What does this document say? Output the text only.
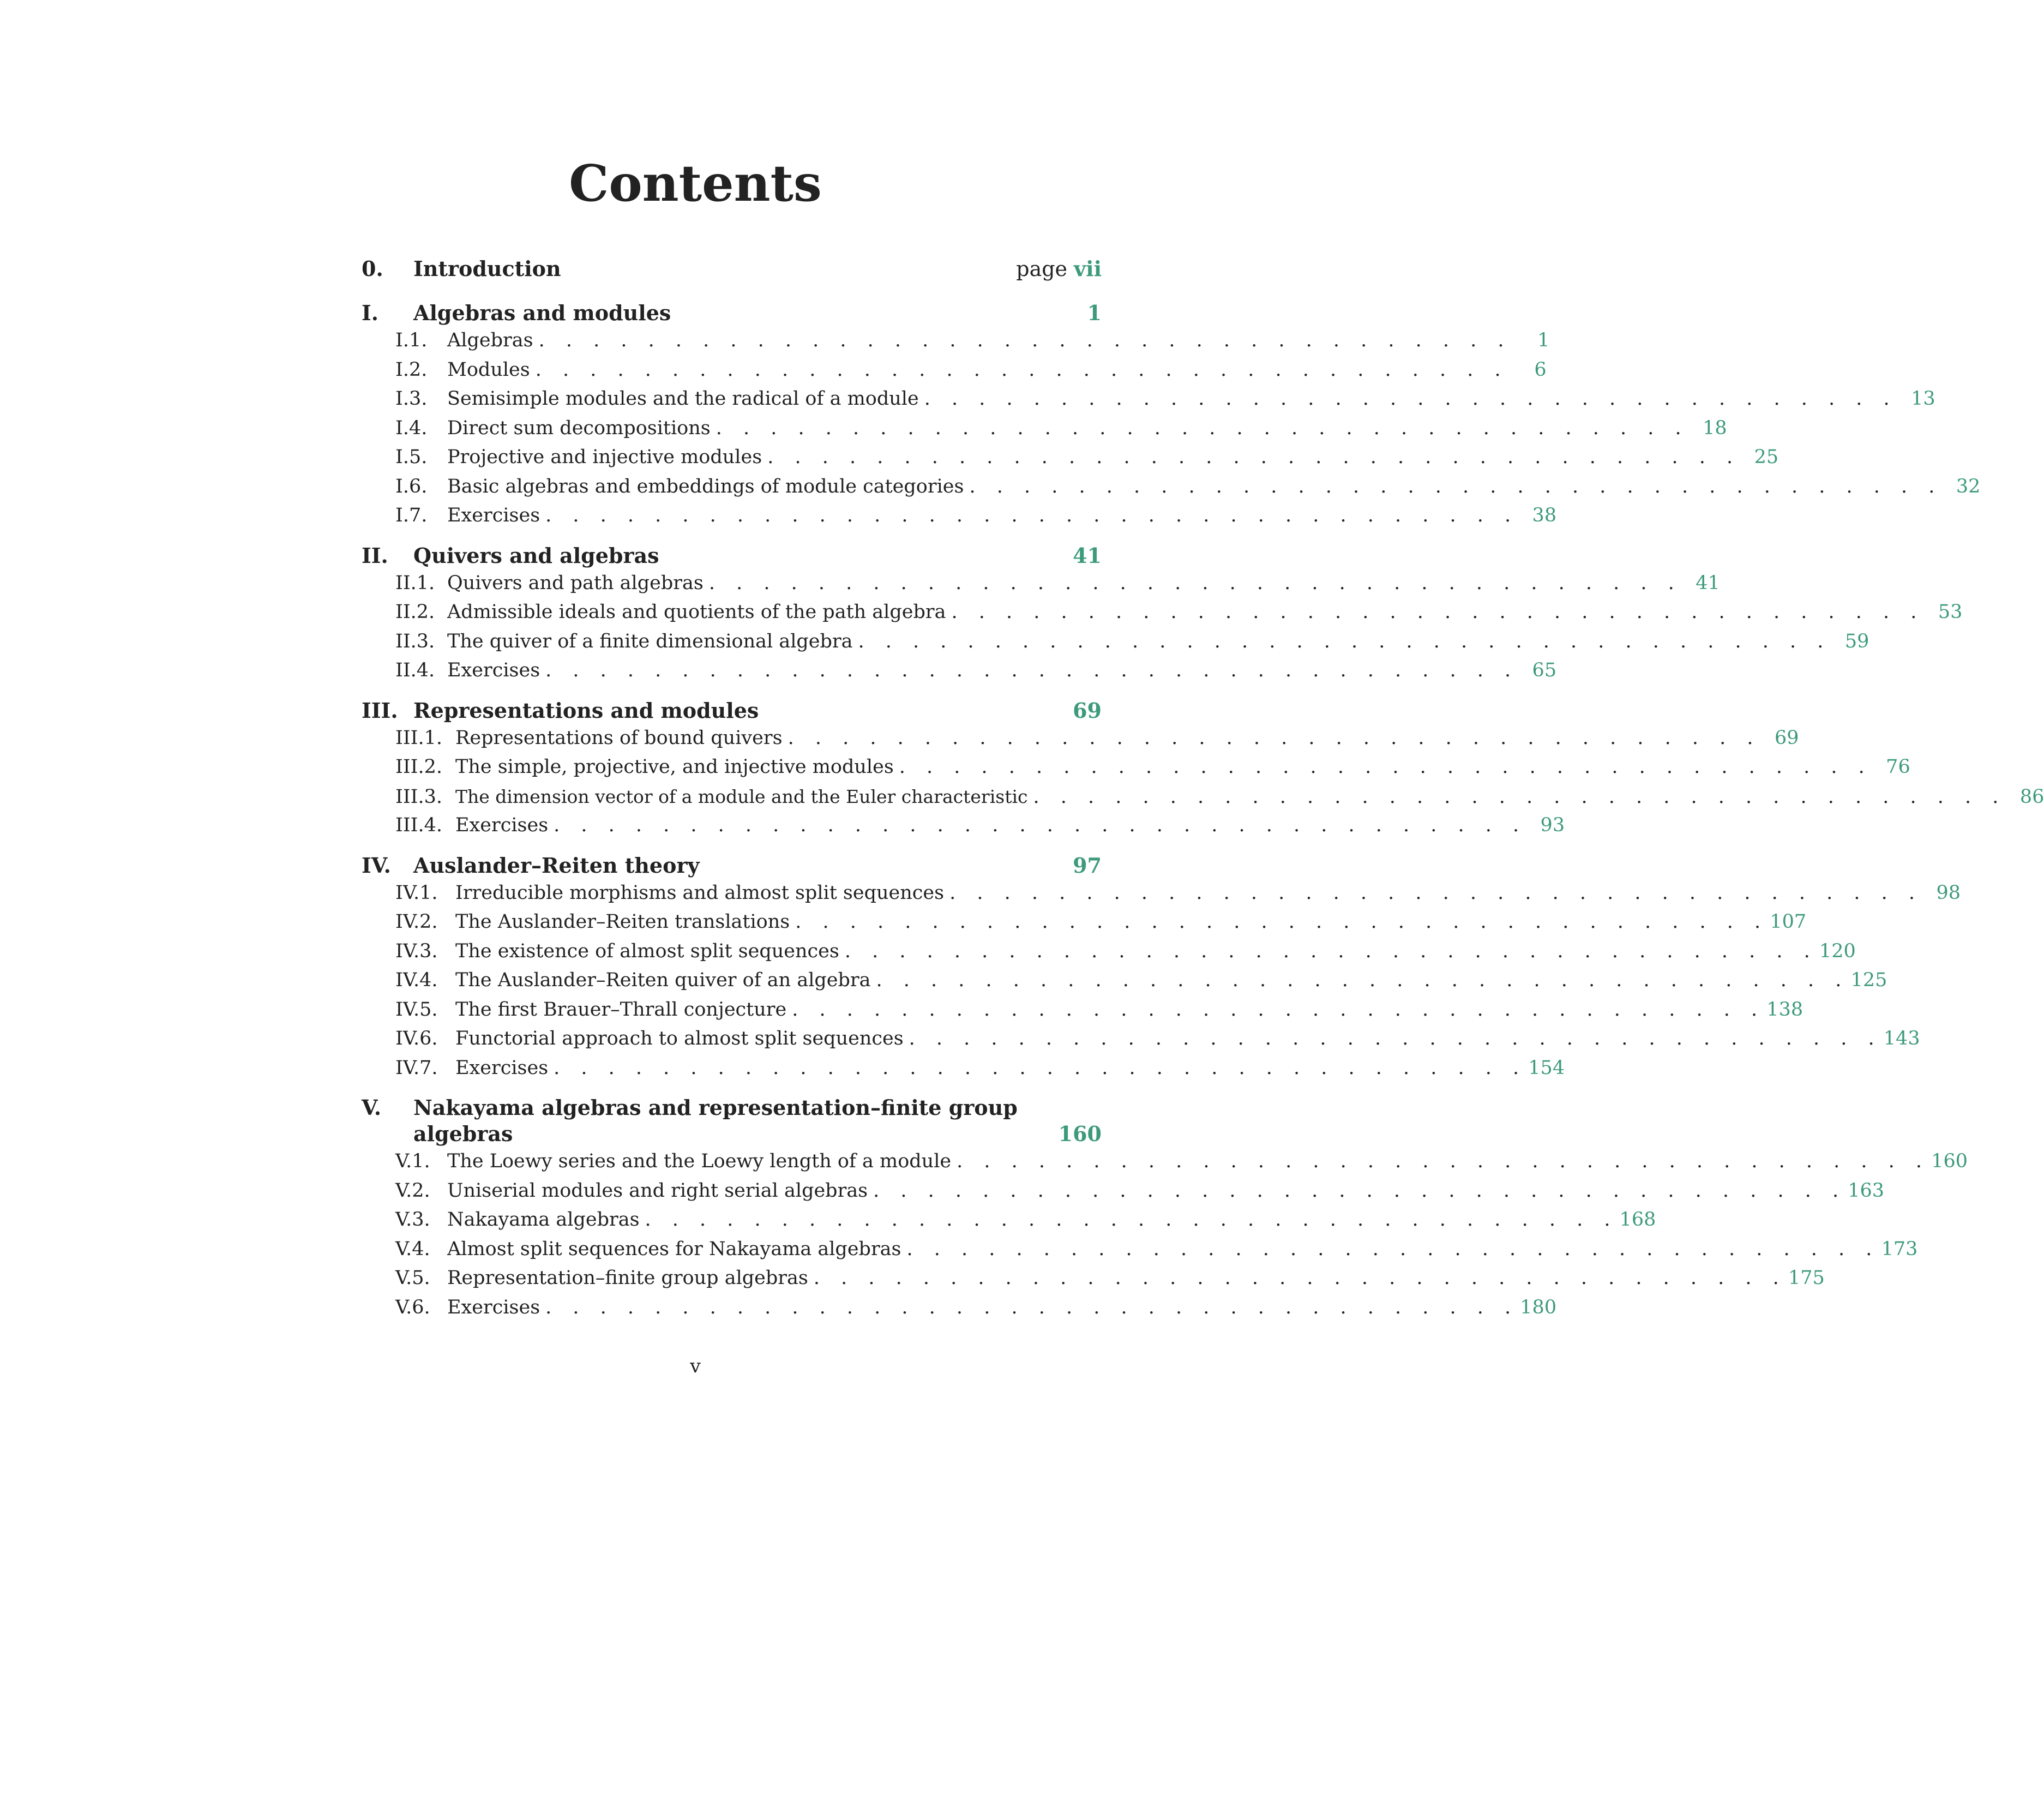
Contents
0.	Introduction	page vii
I.	Algebras and modules	1
I.1.	Algebras . . . . . . . . . . . . . . . . . . . . . . . . . . . . . . . . . . . .	1
I.2.	Modules . . . . . . . . . . . . . . . . . . . . . . . . . . . . . . . . . . . .	6
I.3.	Semisimple modules and the radical of a module . . . . . . . . . . . . . . . . . . . . . . . . . . . . . . . . . . . . 13
I.4.	Direct sum decompositions . . . . . . . . . . . . . . . . . . . . . . . . . . . . . . . . . . . . 18
I.5.	Projective and injective modules . . . . . . . . . . . . . . . . . . . . . . . . . . . . . . . . . . . . 25
I.6.	Basic algebras and embeddings of module categories . . . . . . . . . . . . . . . . . . . . . . . . . . . . . . . . . . . . 32
I.7.	Exercises . . . . . . . . . . . . . . . . . . . . . . . . . . . . . . . . . . . . 38
II.	Quivers and algebras	41
II.1. Quivers and path algebras . . . . . . . . . . . . . . . . . . . . . . . . . . . . . . . . . . . . 41
II.2. Admissible ideals and quotients of the path algebra . . . . . . . . . . . . . . . . . . . . . . . . . . . . . . . . . . . . 53
II.3. The quiver of a finite dimensional algebra . . . . . . . . . . . . . . . . . . . . . . . . . . . . . . . . . . . . 59
II.4. Exercises . . . . . . . . . . . . . . . . . . . . . . . . . . . . . . . . . . . . 65
III. Representations and modules	69
III.1. Representations of bound quivers . . . . . . . . . . . . . . . . . . . . . . . . . . . . . . . . . . . . 69
III.2. The simple, projective, and injective modules . . . . . . . . . . . . . . . . . . . . . . . . . . . . . . . . . . . . 76
III.3. The dimension vector of a module and the Euler characteristic . . . . . . . . . . . . . . . . . . . . . . . . . . . . . . . . . . . . 86
III.4. Exercises . . . . . . . . . . . . . . . . . . . . . . . . . . . . . . . . . . . . 93
IV.	Auslander–Reiten theory	97
IV.1. Irreducible morphisms and almost split sequences . . . . . . . . . . . . . . . . . . . . . . . . . . . . . . . . . . . . 98
IV.2. The Auslander–Reiten translations . . . . . . . . . . . . . . . . . . . . . . . . . . . . . . . . . . . . 107
IV.3. The existence of almost split sequences . . . . . . . . . . . . . . . . . . . . . . . . . . . . . . . . . . . . 120
IV.4. The Auslander–Reiten quiver of an algebra . . . . . . . . . . . . . . . . . . . . . . . . . . . . . . . . . . . . 125
IV.5. The first Brauer–Thrall conjecture . . . . . . . . . . . . . . . . . . . . . . . . . . . . . . . . . . . . 138
IV.6. Functorial approach to almost split sequences . . . . . . . . . . . . . . . . . . . . . . . . . . . . . . . . . . . . 143
IV.7. Exercises . . . . . . . . . . . . . . . . . . . . . . . . . . . . . . . . . . . . 154
V.	Nakayama algebras and representation–finite group algebras	160
V.1. The Loewy series and the Loewy length of a module . . . . . . . . . . . . . . . . . . . . . . . . . . . . . . . . . . . . 160
V.2. Uniserial modules and right serial algebras . . . . . . . . . . . . . . . . . . . . . . . . . . . . . . . . . . . . 163
V.3. Nakayama algebras . . . . . . . . . . . . . . . . . . . . . . . . . . . . . . . . . . . . 168
V.4. Almost split sequences for Nakayama algebras . . . . . . . . . . . . . . . . . . . . . . . . . . . . . . . . . . . . 173
V.5. Representation–finite group algebras . . . . . . . . . . . . . . . . . . . . . . . . . . . . . . . . . . . . 175
V.6. Exercises . . . . . . . . . . . . . . . . . . . . . . . . . . . . . . . . . . . . 180
v
